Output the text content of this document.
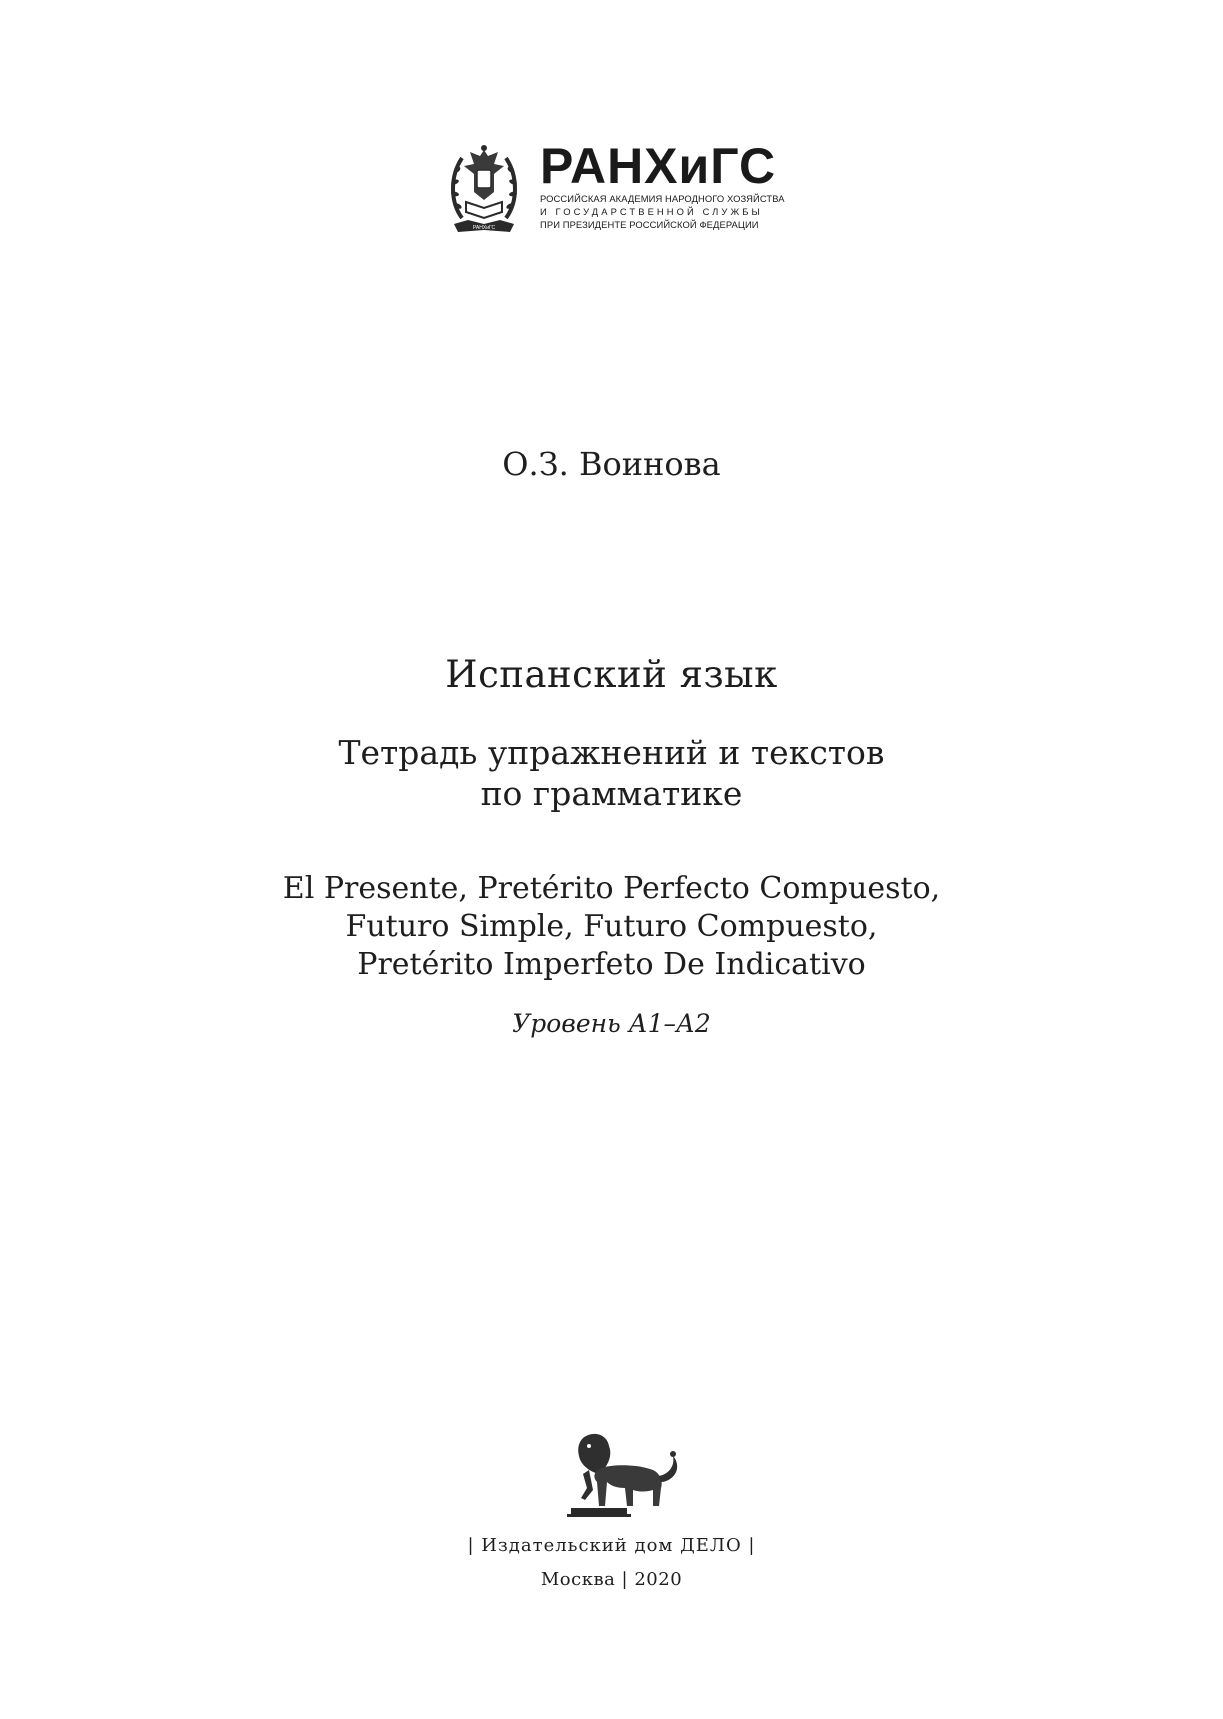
РАНХиГС
РАНХиГС
РОССИЙСКАЯ АКАДЕМИЯ НАРОДНОГО ХОЗЯЙСТВА
И ГОСУДАРСТВЕННОЙ СЛУЖБЫ
ПРИ ПРЕЗИДЕНТЕ РОССИЙСКОЙ ФЕДЕРАЦИИ
О.З. Воинова
Испанский язык
Тетрадь упражнений и текстов
по грамматике
El Presente, Pretérito Perfecto Compuesto,
Futuro Simple, Futuro Compuesto,
Pretérito Imperfeto De Indicativo
Уровень А1–А2
| Издательский дом ДЕЛО |
Москва | 2020
